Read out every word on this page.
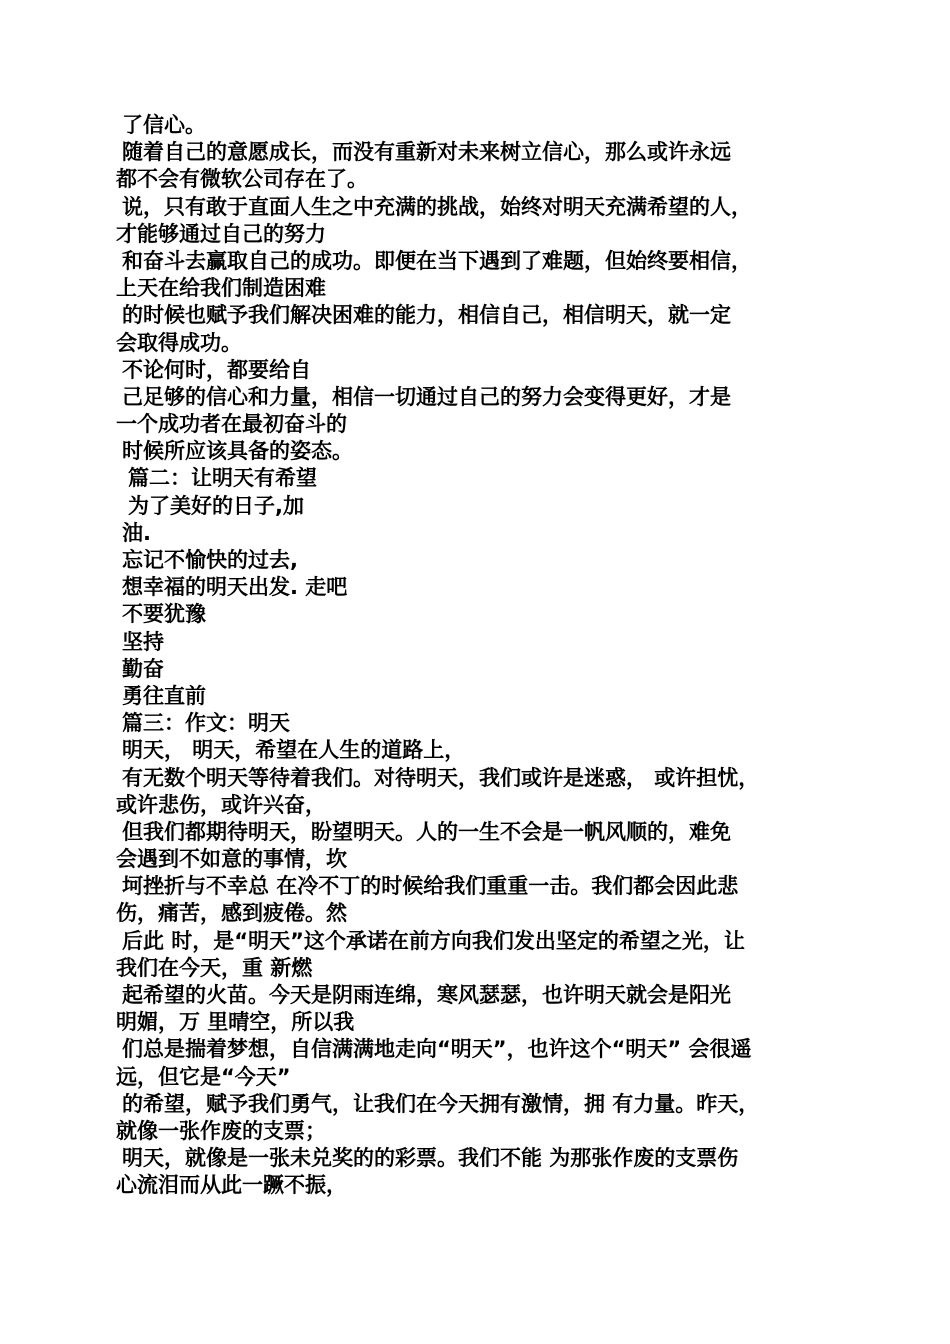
了信心。
随着自己的意愿成长，而没有重新对未来树立信心，那么或许永远
都不会有微软公司存在了。
说，只有敢于直面人生之中充满的挑战，始终对明天充满希望的人，
才能够通过自己的努力
和奋斗去赢取自己的成功。即便在当下遇到了难题，但始终要相信，
上天在给我们制造困难
的时候也赋予我们解决困难的能力，相信自己，相信明天，就一定
会取得成功。
不论何时，都要给自
己足够的信心和力量，相信一切通过自己的努力会变得更好，才是
一个成功者在最初奋斗的
时候所应该具备的姿态。
篇二：让明天有希望
为了美好的日子,加
油.
忘记不愉快的过去,
想幸福的明天出发. 走吧
不要犹豫
坚持
勤奋
勇往直前
篇三：作文：明天
明天， 明天，希望在人生的道路上，
有无数个明天等待着我们。对待明天，我们或许是迷惑， 或许担忧，
或许悲伤，或许兴奋，
但我们都期待明天，盼望明天。人的一生不会是一帆风顺的，难免
会遇到不如意的事情，坎
坷挫折与不幸总 在冷不丁的时候给我们重重一击。我们都会因此悲
伤，痛苦，感到疲倦。然
后此 时，是“明天”这个承诺在前方向我们发出坚定的希望之光，让
我们在今天，重 新燃
起希望的火苗。今天是阴雨连绵，寒风瑟瑟，也许明天就会是阳光
明媚，万 里晴空，所以我
们总是揣着梦想，自信满满地走向“明天”，也许这个“明天” 会很遥
远，但它是“今天”
的希望，赋予我们勇气，让我们在今天拥有激情，拥 有力量。昨天，
就像一张作废的支票；
明天，就像是一张未兑奖的的彩票。我们不能 为那张作废的支票伤
心流泪而从此一蹶不振，
